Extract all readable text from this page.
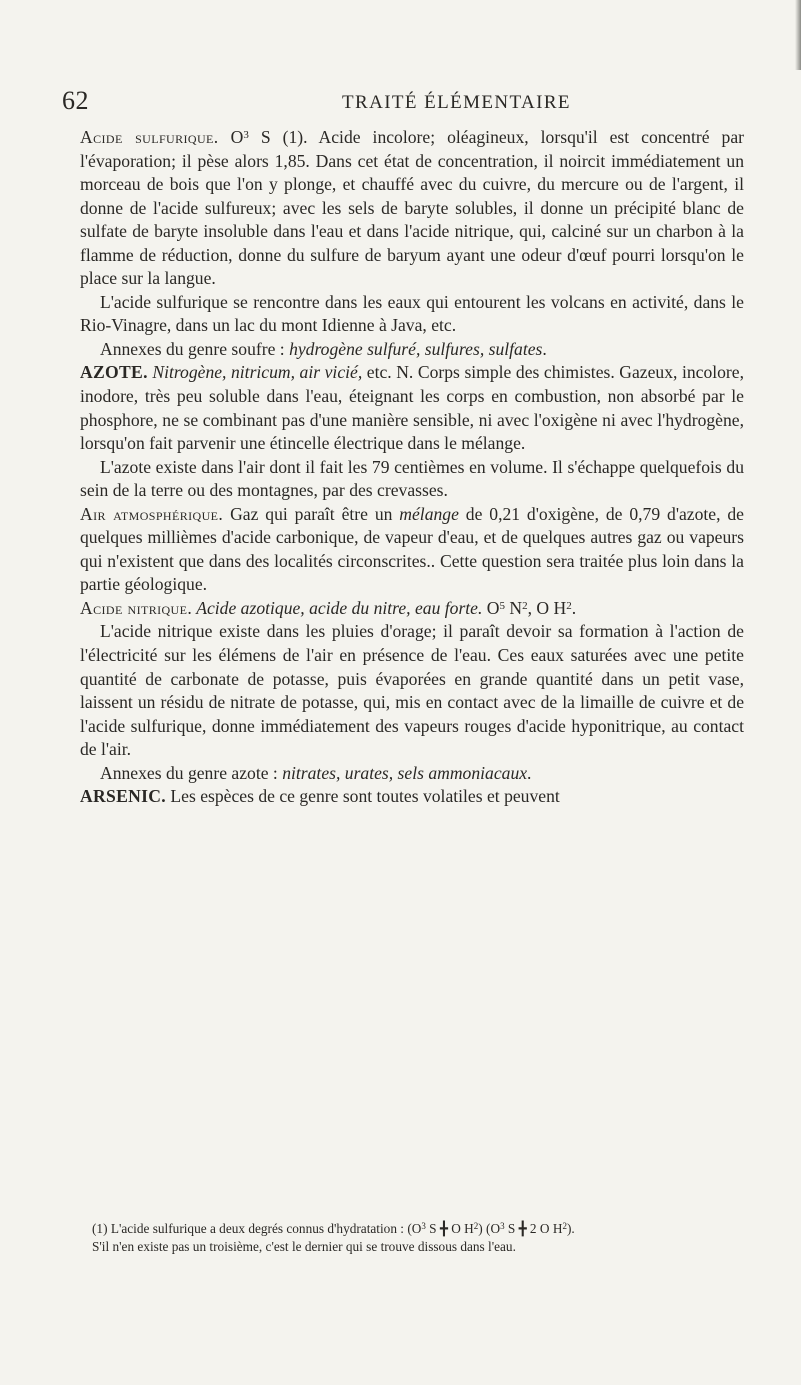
62	TRAITÉ ÉLÉMENTAIRE

Acide sulfurique. $O^3$ S (1). Acide incolore; oléagineux, lorsqu'il est concentré par l'évaporation; il pèse alors 1,85. Dans cet état de concentration, il noircit immédiatement un morceau de bois que l'on y plonge, et chauffé avec du cuivre, du mercure ou de l'argent, il donne de l'acide sulfureux; avec les sels de baryte solubles, il donne un précipité blanc de sulfate de baryte insoluble dans l'eau et dans l'acide nitrique, qui, calciné sur un charbon à la flamme de réduction, donne du sulfure de baryum ayant une odeur d'œuf pourri lorsqu'on le place sur la langue.

L'acide sulfurique se rencontre dans les eaux qui entourent les volcans en activité, dans le Rio-Vinagre, dans un lac du mont Idienne à Java, etc.

Annexes du genre soufre : hydrogène sulfuré, sulfures, sulfates.

AZOTE. Nitrogène, nitricum, air vicié, etc. N. Corps simple des chimistes. Gazeux, incolore, inodore, très peu soluble dans l'eau, éteignant les corps en combustion, non absorbé par le phosphore, ne se combinant pas d'une manière sensible, ni avec l'oxigène ni avec l'hydrogène, lorsqu'on fait parvenir une étincelle électrique dans le mélange.

L'azote existe dans l'air dont il fait les 79 centièmes en volume. Il s'échappe quelquefois du sein de la terre ou des montagnes, par des crevasses.

Air atmosphérique. Gaz qui paraît être un mélange de 0,21 d'oxigène, de 0,79 d'azote, de quelques millièmes d'acide carbonique, de vapeur d'eau, et de quelques autres gaz ou vapeurs qui n'existent que dans des localités circonscrites.. Cette question sera traitée plus loin dans la partie géologique.

Acide nitrique. Acide azotique, acide du nitre, eau forte. $O^5$ $N^2$, O $H^2$.

L'acide nitrique existe dans les pluies d'orage; il paraît devoir sa formation à l'action de l'électricité sur les élémens de l'air en présence de l'eau. Ces eaux saturées avec une petite quantité de carbonate de potasse, puis évaporées en grande quantité dans un petit vase, laissent un résidu de nitrate de potasse, qui, mis en contact avec de la limaille de cuivre et de l'acide sulfurique, donne immédiatement des vapeurs rouges d'acide hyponitrique, au contact de l'air.

Annexes du genre azote : nitrates, urates, sels ammoniacaux.

ARSENIC. Les espèces de ce genre sont toutes volatiles et peuvent

(1) L'acide sulfurique a deux degrés connus d'hydratation : ($O^3$ S ╋ O $H^2$) ($O^3$ S ╋ 2 O $H^2$).

S'il n'en existe pas un troisième, c'est le dernier qui se trouve dissous dans l'eau.
